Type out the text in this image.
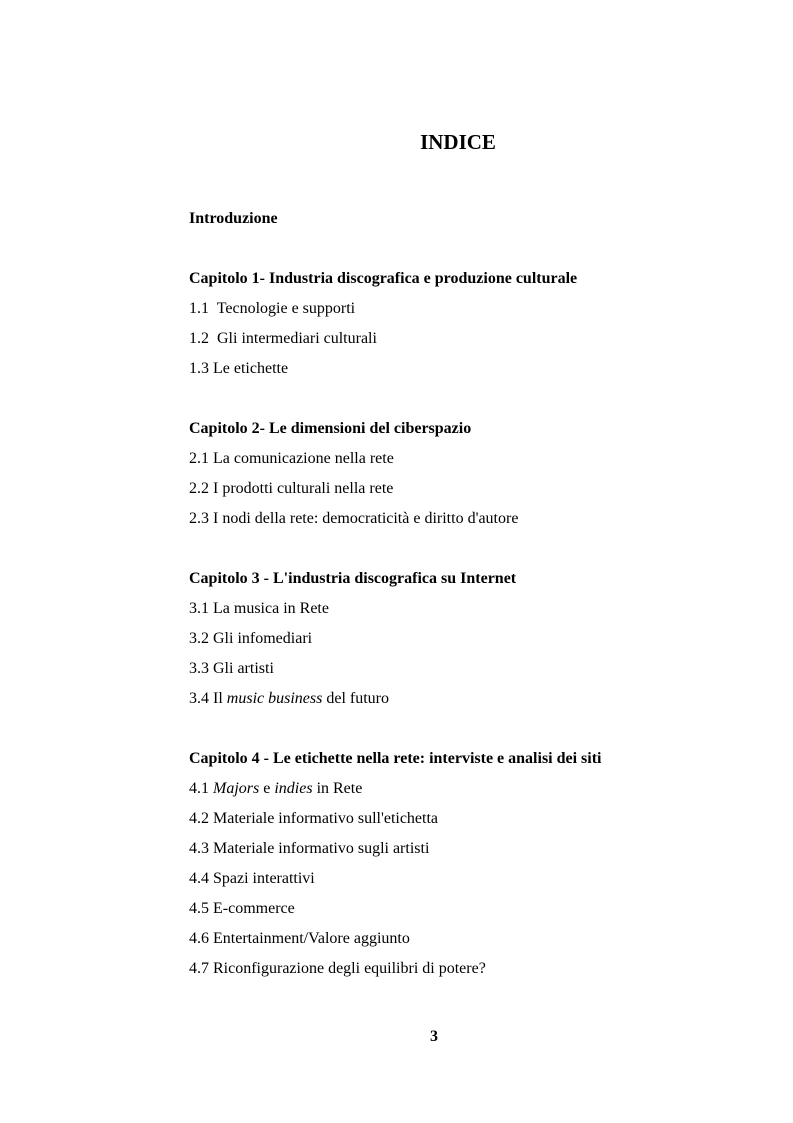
INDICE
Introduzione
Capitolo 1- Industria discografica e produzione culturale
1.1  Tecnologie e supporti
1.2  Gli intermediari culturali
1.3 Le etichette
Capitolo 2- Le dimensioni del ciberspazio
2.1 La comunicazione nella rete
2.2 I prodotti culturali nella rete
2.3 I nodi della rete: democraticità e diritto d'autore
Capitolo 3 - L'industria discografica su Internet
3.1 La musica in Rete
3.2 Gli infomediari
3.3 Gli artisti
3.4 Il music business del futuro
Capitolo 4 - Le etichette nella rete: interviste e analisi dei siti
4.1 Majors e indies in Rete
4.2 Materiale informativo sull'etichetta
4.3 Materiale informativo sugli artisti
4.4 Spazi interattivi
4.5 E-commerce
4.6 Entertainment/Valore aggiunto
4.7 Riconfigurazione degli equilibri di potere?

3
